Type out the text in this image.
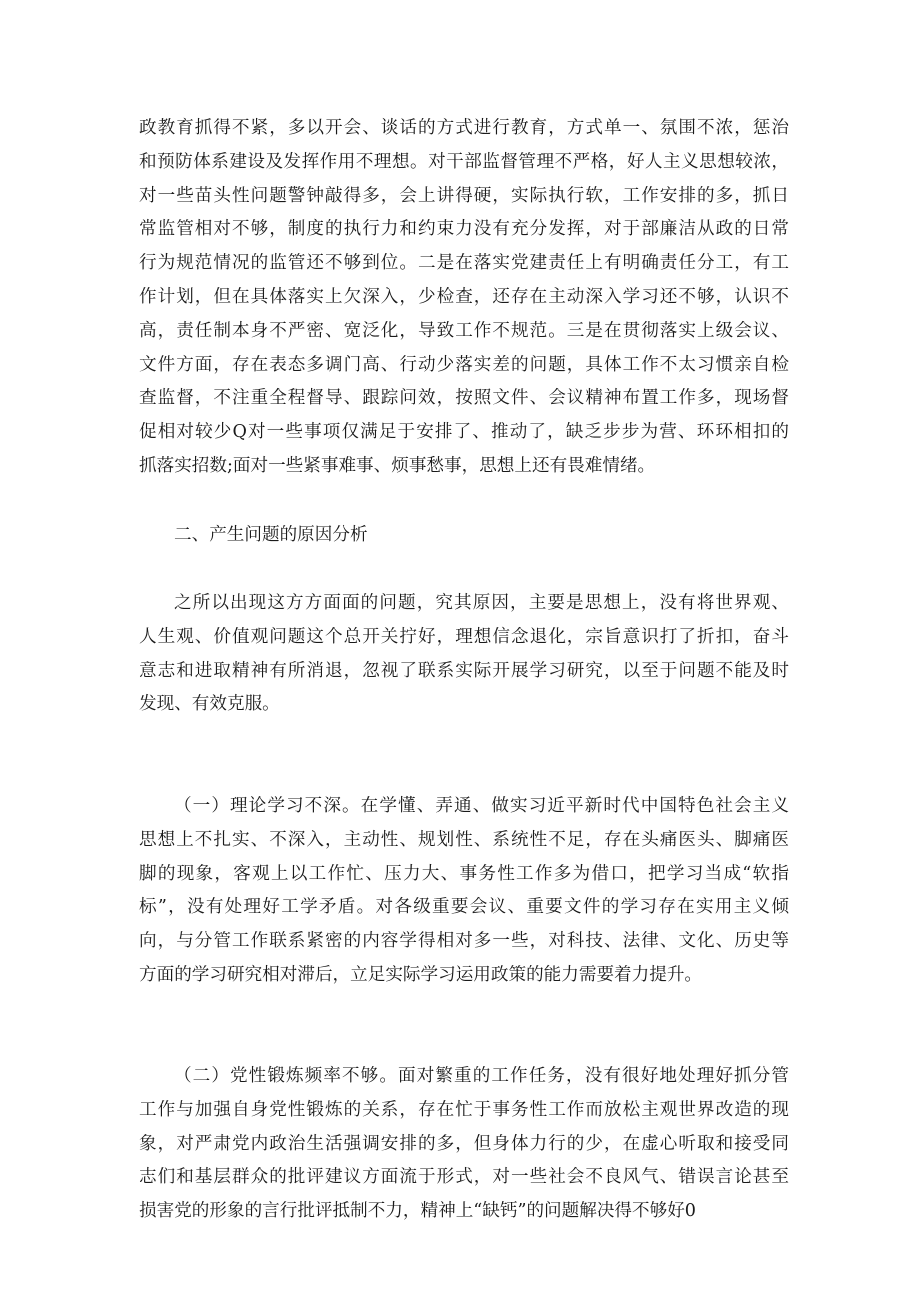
政教育抓得不紧，多以开会、谈话的方式进行教育，方式单一、氛围不浓，惩治
和预防体系建设及发挥作用不理想。对干部监督管理不严格，好人主义思想较浓，
对一些苗头性问题警钟敲得多，会上讲得硬，实际执行软，工作安排的多，抓日
常监管相对不够，制度的执行力和约束力没有充分发挥，对于部廉洁从政的日常
行为规范情况的监管还不够到位。二是在落实党建责任上有明确责任分工，有工
作计划，但在具体落实上欠深入，少检查，还存在主动深入学习还不够，认识不
高，责任制本身不严密、宽泛化，导致工作不规范。三是在贯彻落实上级会议、
文件方面，存在表态多调门高、行动少落实差的问题，具体工作不太习惯亲自检
查监督，不注重全程督导、跟踪问效，按照文件、会议精神布置工作多，现场督
促相对较少Q对一些事项仅满足于安排了、推动了，缺乏步步为营、环环相扣的
抓落实招数;面对一些紧事难事、烦事愁事，思想上还有畏难情绪。
二、产生问题的原因分析
之所以出现这方方面面的问题，究其原因，主要是思想上，没有将世界观、
人生观、价值观问题这个总开关拧好，理想信念退化，宗旨意识打了折扣，奋斗
意志和进取精神有所消退，忽视了联系实际开展学习研究，以至于问题不能及时
发现、有效克服。
（一）理论学习不深。在学懂、弄通、做实习近平新时代中国特色社会主义
思想上不扎实、不深入，主动性、规划性、系统性不足，存在头痛医头、脚痛医
脚的现象，客观上以工作忙、压力大、事务性工作多为借口，把学习当成“软指
标”，没有处理好工学矛盾。对各级重要会议、重要文件的学习存在实用主义倾
向，与分管工作联系紧密的内容学得相对多一些，对科技、法律、文化、历史等
方面的学习研究相对滞后，立足实际学习运用政策的能力需要着力提升。
（二）党性锻炼频率不够。面对繁重的工作任务，没有很好地处理好抓分管
工作与加强自身党性锻炼的关系，存在忙于事务性工作而放松主观世界改造的现
象，对严肃党内政治生活强调安排的多，但身体力行的少，在虚心听取和接受同
志们和基层群众的批评建议方面流于形式，对一些社会不良风气、错误言论甚至
损害党的形象的言行批评抵制不力，精神上“缺钙”的问题解决得不够好0
